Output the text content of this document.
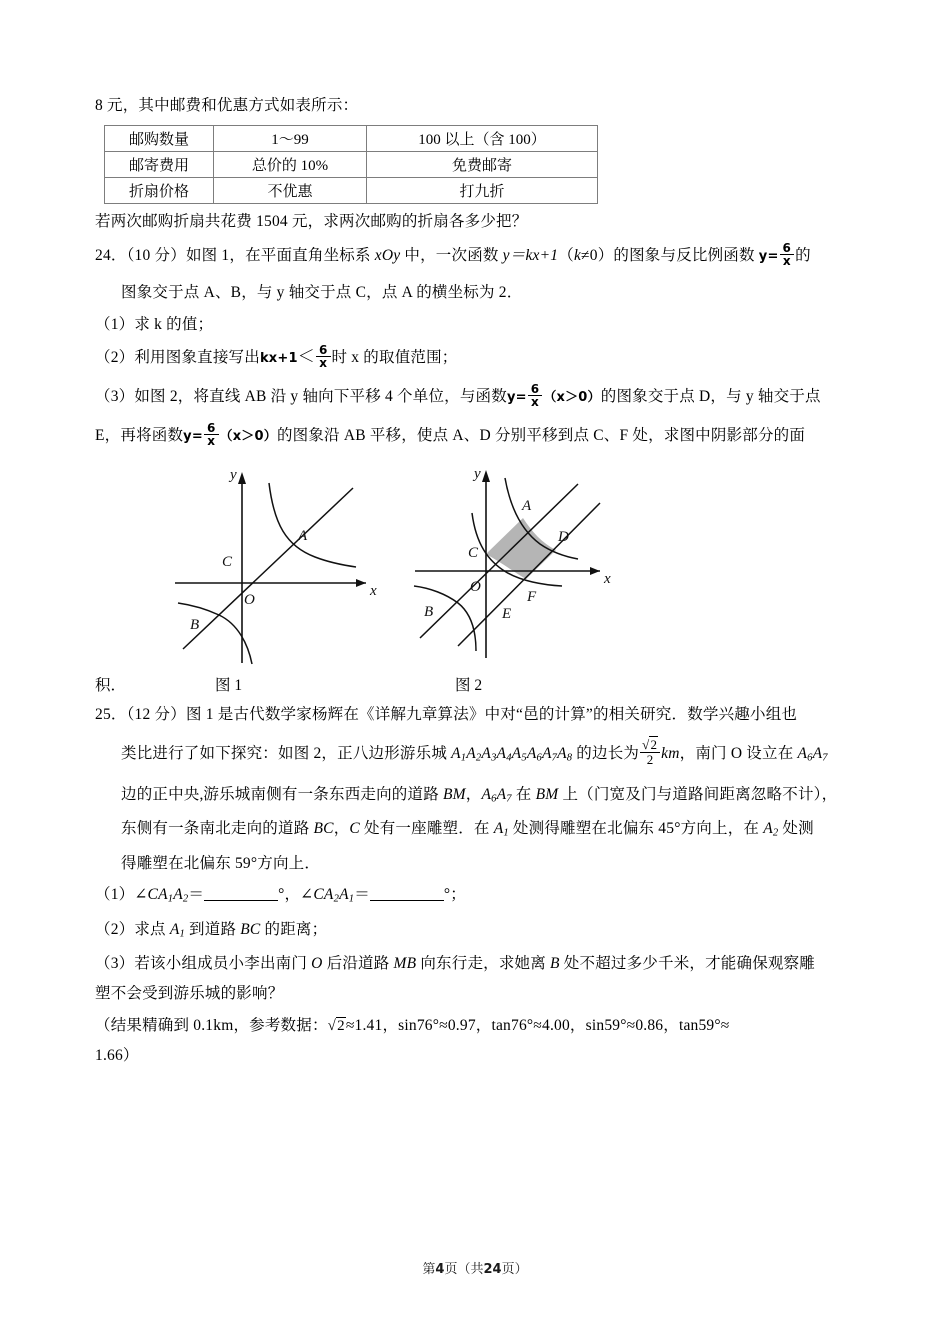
8 元，其中邮费和优惠方式如表所示：
邮购数量	1～99	100 以上（含 100）
邮寄费用	总价的 10%	免费邮寄
折扇价格	不优惠	打九折
若两次邮购折扇共花费 1504 元，求两次邮购的折扇各多少把？
24．（10 分）如图 1，在平面直角坐标系 xOy 中，一次函数 y＝kx+1（k≠0）的图象与反比例函数 $y= \frac{6}{x}$ 的
图象交于点 A、B，与 y 轴交于点 C，点 A 的横坐标为 2．
（1）求 k 的值；
（2）利用图象直接写出$kx+1< \frac{6}{x}$ 时 x 的取值范围；
（3）如图 2，将直线 AB 沿 y 轴向下平移 4 个单位，与函数$y= \frac{6}{x} (x>0)$的图象交于点 D，与 y 轴交于点
E，再将函数$y= \frac{6}{x} (x>0)$的图象沿 AB 平移，使点 A、D 分别平移到点 C、F 处，求图中阴影部分的面
y
x
O
A
B
C
y
x
O
A
B
C
D
E
F
积．	图 1	图 2
25．（12 分）图 1 是古代数学家杨辉在《详解九章算法》中对“邑的计算”的相关研究．数学兴趣小组也
类比进行了如下探究：如图 2，正八边形游乐城 $A_1A_2A_3A_4A_5A_6A_7A_8$ 的边长为 $\frac{√2}{2}$ km，南门 O 设立在 $A_6A_7$
边的正中央,游乐城南侧有一条东西走向的道路 BM，$A_6A_7$ 在 BM 上（门宽及门与道路间距离忽略不计），
东侧有一条南北走向的道路 BC，C 处有一座雕塑．在 $A_1$ 处测得雕塑在北偏东 45°方向上，在 $A_2$ 处测
得雕塑在北偏东 59°方向上．
$(1)\angle CA_1A_2=$	°，$\angle CA_2A_1=$	°；
（2）求点 $A_1$ 到道路 BC 的距离；
（3）若该小组成员小李出南门 O 后沿道路 MB 向东行走，求她离 B 处不超过多少千米，才能确保观察雕
塑不会受到游乐城的影响？
（结果精确到 0.1km，参考数据：√2≈1.41，sin76°≈0.97，tan76°≈4.00，sin59°≈0.86，tan59°≈
1.66）
第4页（共24页）
